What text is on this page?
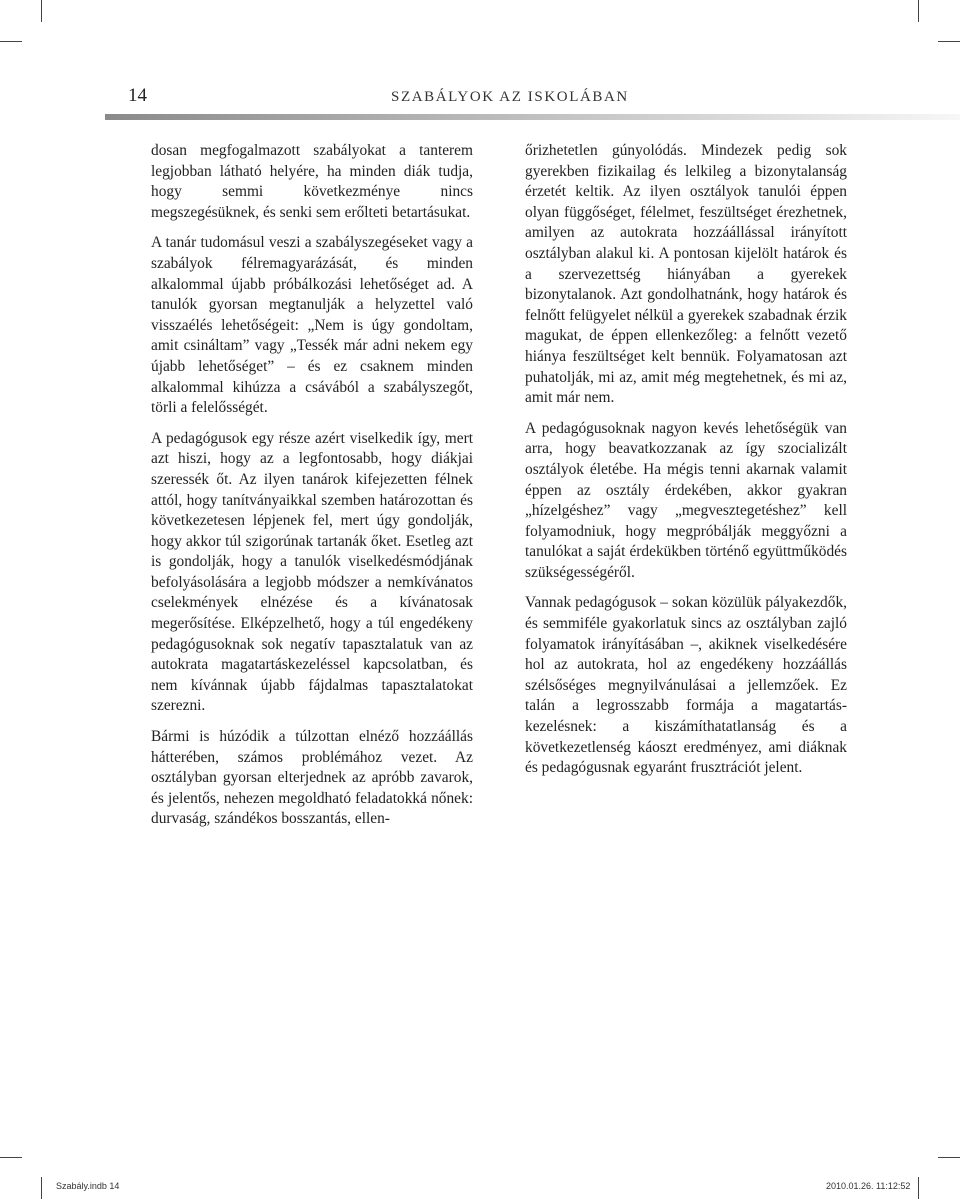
14	SZABÁLYOK AZ ISKOLÁBAN

dosan megfogalmazott szabályokat a tanterem legjobban látható helyére, ha minden diák tudja, hogy semmi következménye nincs megszegésüknek, és senki sem erőlteti betartásukat.

A tanár tudomásul veszi a szabályszegéseket vagy a szabályok félremagyarázását, és minden alkalommal újabb próbálkozási lehetőséget ad. A tanulók gyorsan megtanulják a helyzettel való visszaélés lehetőségeit: „Nem is úgy gondoltam, amit csináltam” vagy „Tessék már adni nekem egy újabb lehetőséget” – és ez csaknem minden alkalommal kihúzza a csávából a szabályszegőt, törli a felelősségét.

A pedagógusok egy része azért viselkedik így, mert azt hiszi, hogy az a legfontosabb, hogy diákjai szeressék őt. Az ilyen tanárok kifejezetten félnek attól, hogy tanítványaikkal szemben határozottan és következetesen lépjenek fel, mert úgy gondolják, hogy akkor túl szigorúnak tartanák őket. Esetleg azt is gondolják, hogy a tanulók viselkedésmódjának befolyásolására a legjobb módszer a nemkívánatos cselekmények elnézése és a kívánatosak megerősítése. Elképzelhető, hogy a túl engedékeny pedagógusoknak sok negatív tapasztalatuk van az autokrata magatartáskezeléssel kapcsolatban, és nem kívánnak újabb fájdalmas tapasztalatokat szerezni.

Bármi is húzódik a túlzottan elnéző hozzáállás hátterében, számos problémához vezet. Az osztályban gyorsan elterjednek az apróbb zavarok, és jelentős, nehezen megoldható feladatokká nőnek: durvaság, szándékos bosszantás, ellen-

őrizhetetlen gúnyolódás. Mindezek pedig sok gyerekben fizikailag és lelkileg a bizonytalanság érzetét keltik. Az ilyen osztályok tanulói éppen olyan függőséget, félelmet, feszültséget érezhetnek, amilyen az autokrata hozzáállással irányított osztályban alakul ki. A pontosan kijelölt határok és a szervezettség hiányában a gyerekek bizonytalanok. Azt gondolhatnánk, hogy határok és felnőtt felügyelet nélkül a gyerekek szabadnak érzik magukat, de éppen ellenkezőleg: a felnőtt vezető hiánya feszültséget kelt bennük. Folyamatosan azt puhatolják, mi az, amit még megtehetnek, és mi az, amit már nem.

A pedagógusoknak nagyon kevés lehetőségük van arra, hogy beavatkozzanak az így szocializált osztályok életébe. Ha mégis tenni akarnak valamit éppen az osztály érdekében, akkor gyakran „hízelgéshez” vagy „megvesztegetéshez” kell folyamodniuk, hogy megpróbálják meggyőzni a tanulókat a saját érdekükben történő együttműködés szükségességéről.

Vannak pedagógusok – sokan közülük pályakezdők, és semmiféle gyakorlatuk sincs az osztályban zajló folyamatok irányításában –, akiknek viselkedésére hol az autokrata, hol az engedékeny hozzáállás szélsőséges megnyilvánulásai a jellemzőek. Ez talán a legrosszabb formája a magatartás-kezelésnek: a kiszámíthatatlanság és a következetlenség káoszt eredményez, ami diáknak és pedagógusnak egyaránt frusztrációt jelent.

Szabály.indb 14	2010.01.26. 11:12:52
